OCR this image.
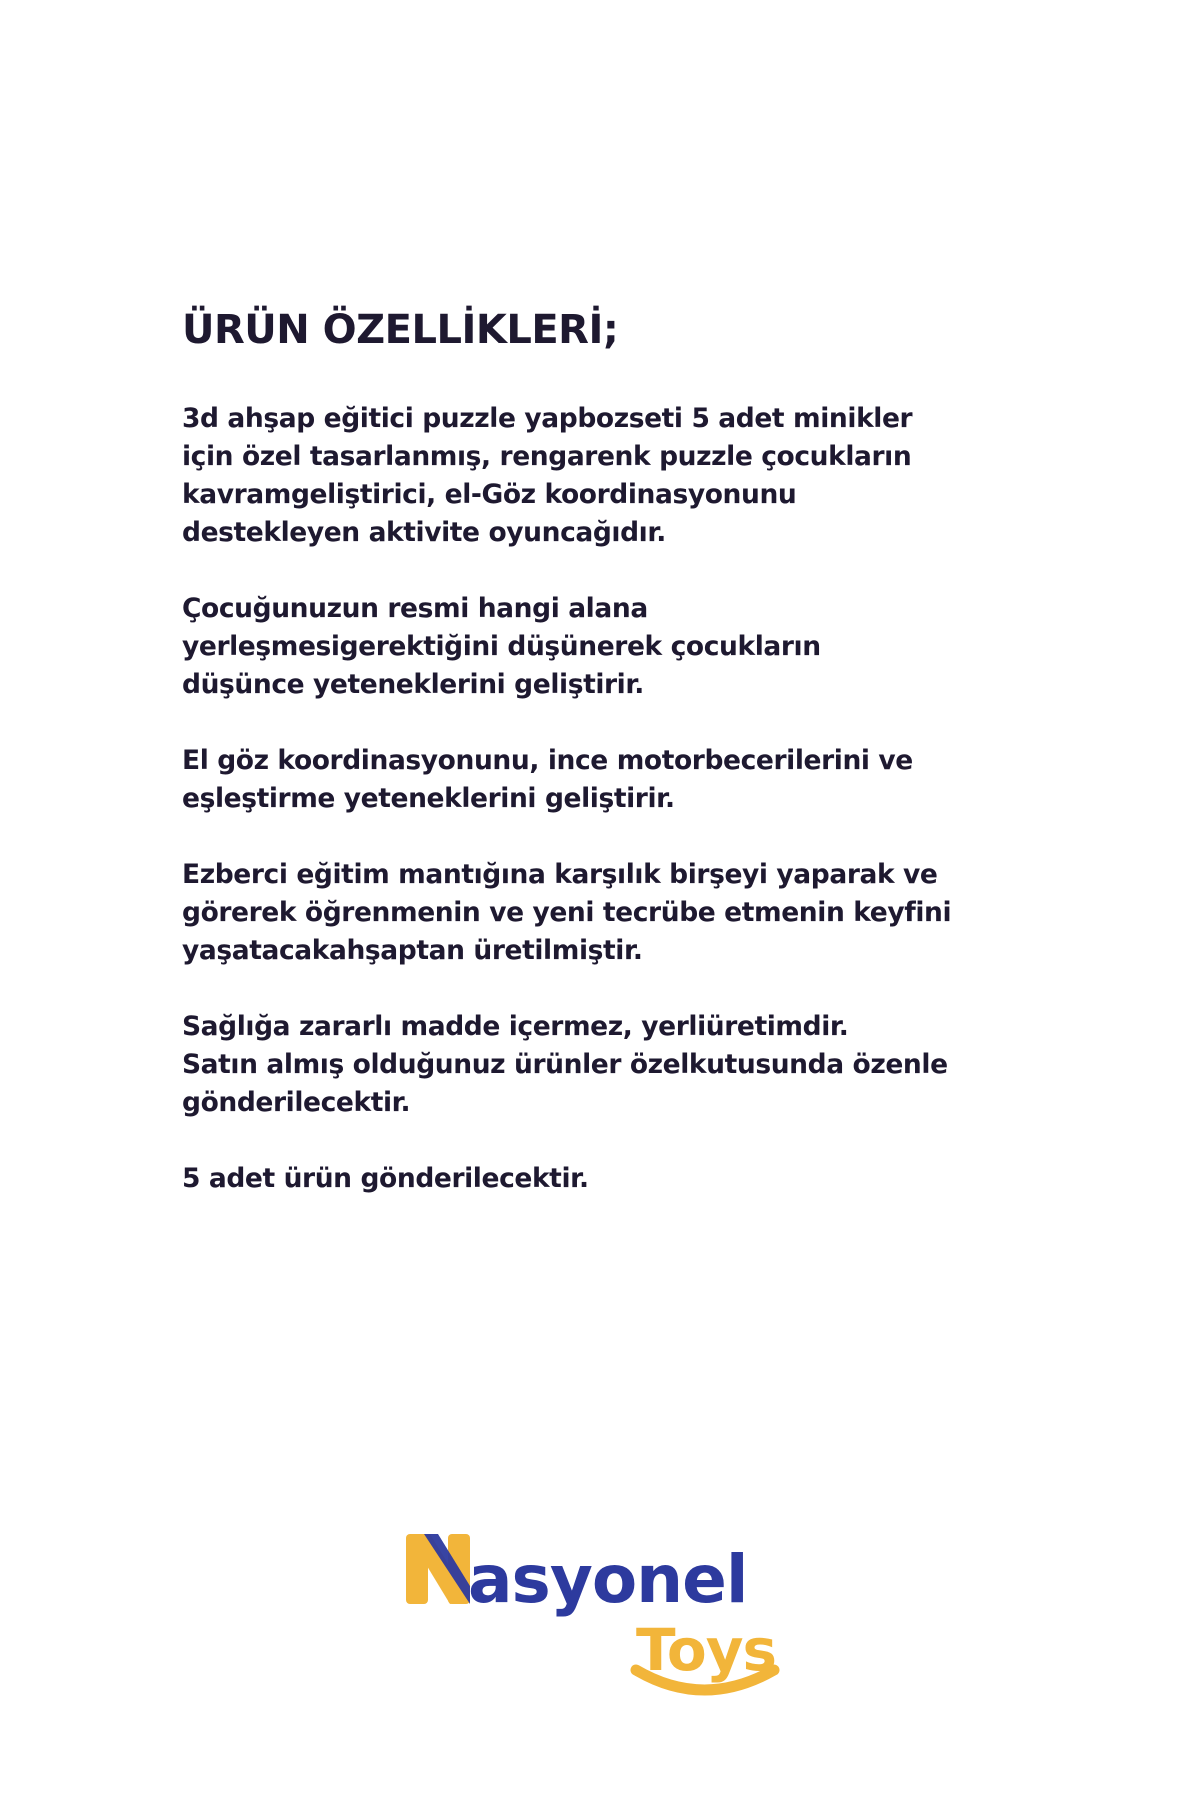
ÜRÜN ÖZELLİKLERİ;

3d ahşap eğitici puzzle yapbozseti 5 adet minikler
için özel tasarlanmış, rengarenk puzzle çocukların
kavramgeliştirici, el-Göz koordinasyonunu
destekleyen aktivite oyuncağıdır.

Çocuğunuzun resmi hangi alana
yerleşmesigerektiğini düşünerek çocukların
düşünce yeteneklerini geliştirir.

El göz koordinasyonunu, ince motorbecerilerini ve
eşleştirme yeteneklerini geliştirir.

Ezberci eğitim mantığına karşılık birşeyi yaparak ve
görerek öğrenmenin ve yeni tecrübe etmenin keyfini
yaşatacakahşaptan üretilmiştir.

Sağlığa zararlı madde içermez, yerliüretimdir.
Satın almış olduğunuz ürünler özelkutusunda özenle
gönderilecektir.

5 adet ürün gönderilecektir.

asyonel
Toys
